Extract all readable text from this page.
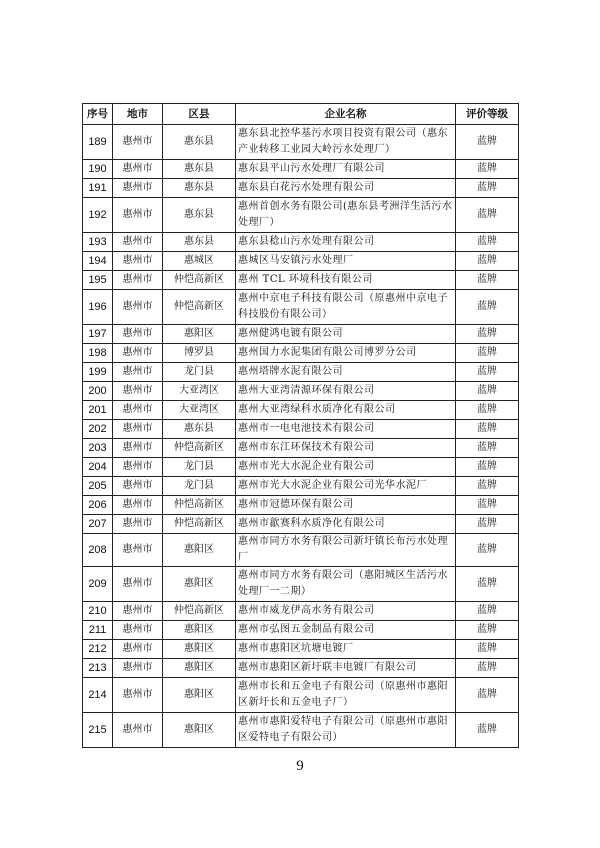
序号	地市	区县	企业名称	评价等级
189	惠州市	惠东县	惠东县北控华基污水项目投资有限公司（惠东产业转移工业园大岭污水处理厂）	蓝牌
190	惠州市	惠东县	惠东县平山污水处理厂有限公司	蓝牌
191	惠州市	惠东县	惠东县白花污水处理有限公司	蓝牌
192	惠州市	惠东县	惠州首创水务有限公司(惠东县考洲洋生活污水处理厂）	蓝牌
193	惠州市	惠东县	惠东县稔山污水处理有限公司	蓝牌
194	惠州市	惠城区	惠城区马安镇污水处理厂	蓝牌
195	惠州市	仲恺高新区	惠州 TCL 环境科技有限公司	蓝牌
196	惠州市	仲恺高新区	惠州中京电子科技有限公司（原惠州中京电子科技股份有限公司）	蓝牌
197	惠州市	惠阳区	惠州健鸿电镀有限公司	蓝牌
198	惠州市	博罗县	惠州国力水泥集团有限公司博罗分公司	蓝牌
199	惠州市	龙门县	惠州塔牌水泥有限公司	蓝牌
200	惠州市	大亚湾区	惠州大亚湾清源环保有限公司	蓝牌
201	惠州市	大亚湾区	惠州大亚湾绿科水质净化有限公司	蓝牌
202	惠州市	惠东县	惠州市一电电池技术有限公司	蓝牌
203	惠州市	仲恺高新区	惠州市东江环保技术有限公司	蓝牌
204	惠州市	龙门县	惠州市光大水泥企业有限公司	蓝牌
205	惠州市	龙门县	惠州市光大水泥企业有限公司光华水泥厂	蓝牌
206	惠州市	仲恺高新区	惠州市冠德环保有限公司	蓝牌
207	惠州市	仲恺高新区	惠州市歙赛科水质净化有限公司	蓝牌
208	惠州市	惠阳区	惠州市同方水务有限公司新圩镇长布污水处理厂	蓝牌
209	惠州市	惠阳区	惠州市同方水务有限公司（惠阳城区生活污水处理厂一二期）	蓝牌
210	惠州市	仲恺高新区	惠州市威龙伊高水务有限公司	蓝牌
211	惠州市	惠阳区	惠州市弘图五金制品有限公司	蓝牌
212	惠州市	惠阳区	惠州市惠阳区坑塘电镀厂	蓝牌
213	惠州市	惠阳区	惠州市惠阳区新圩联丰电镀厂有限公司	蓝牌
214	惠州市	惠阳区	惠州市长和五金电子有限公司（原惠州市惠阳区新圩长和五金电子厂）	蓝牌
215	惠州市	惠阳区	惠州市惠阳爱特电子有限公司（原惠州市惠阳区爱特电子有限公司）	蓝牌
9
